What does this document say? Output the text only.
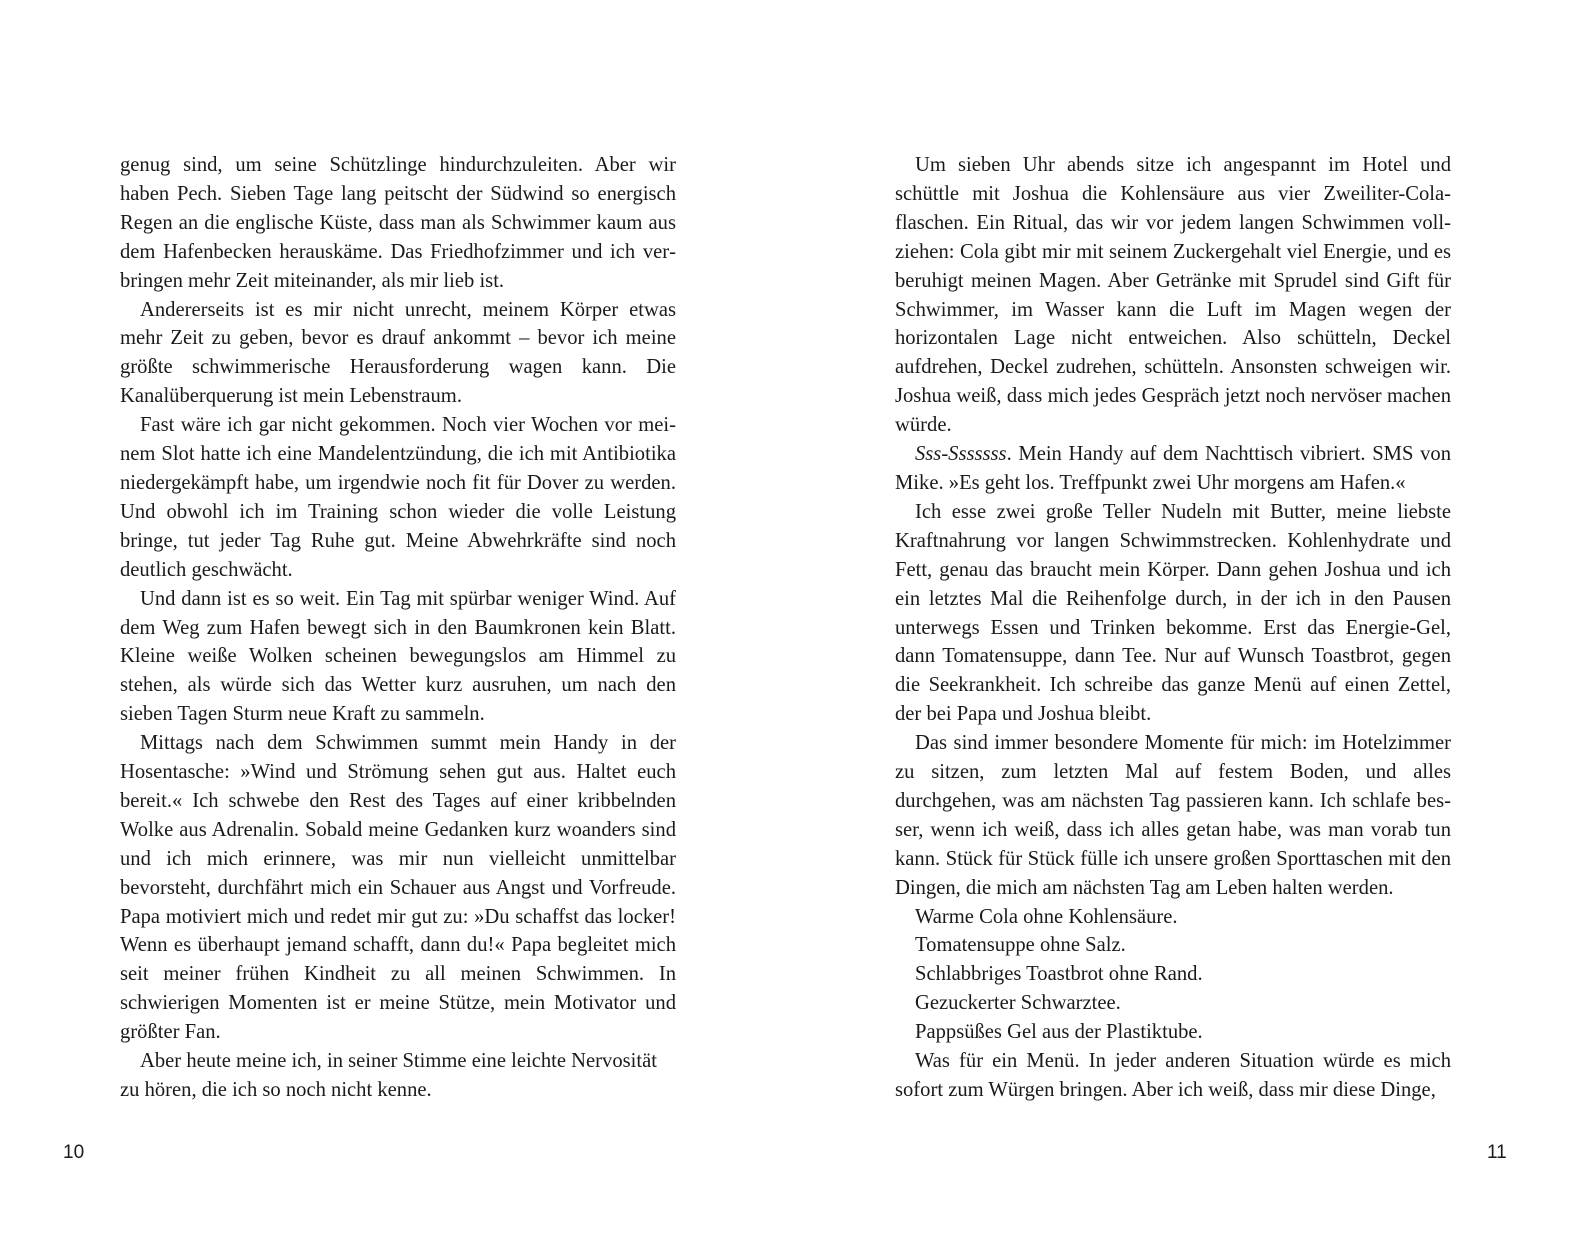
genug sind, um seine Schützlinge hindurchzuleiten. Aber wir haben Pech. Sieben Tage lang peitscht der Südwind so energisch Regen an die englische Küste, dass man als Schwimmer kaum aus dem Hafenbecken herauskäme. Das Friedhofzimmer und ich verbringen mehr Zeit miteinander, als mir lieb ist.

Andererseits ist es mir nicht unrecht, meinem Körper etwas mehr Zeit zu geben, bevor es drauf ankommt – bevor ich meine größte schwimmerische Herausforderung wagen kann. Die Kanalüberquerung ist mein Lebenstraum.

Fast wäre ich gar nicht gekommen. Noch vier Wochen vor meinem Slot hatte ich eine Mandelentzündung, die ich mit Antibiotika niedergekämpft habe, um irgendwie noch fit für Dover zu werden. Und obwohl ich im Training schon wieder die volle Leistung bringe, tut jeder Tag Ruhe gut. Meine Abwehrkräfte sind noch deutlich geschwächt.

Und dann ist es so weit. Ein Tag mit spürbar weniger Wind. Auf dem Weg zum Hafen bewegt sich in den Baumkronen kein Blatt. Kleine weiße Wolken scheinen bewegungslos am Himmel zu stehen, als würde sich das Wetter kurz ausruhen, um nach den sieben Tagen Sturm neue Kraft zu sammeln.

Mittags nach dem Schwimmen summt mein Handy in der Hosentasche: »Wind und Strömung sehen gut aus. Haltet euch bereit.« Ich schwebe den Rest des Tages auf einer kribbelnden Wolke aus Adrenalin. Sobald meine Gedanken kurz woanders sind und ich mich erinnere, was mir nun vielleicht unmittelbar bevorsteht, durchfährt mich ein Schauer aus Angst und Vorfreude. Papa motiviert mich und redet mir gut zu: »Du schaffst das locker! Wenn es überhaupt jemand schafft, dann du!« Papa begleitet mich seit meiner frühen Kindheit zu all meinen Schwimmen. In schwierigen Momenten ist er meine Stütze, mein Motivator und größter Fan.

Aber heute meine ich, in seiner Stimme eine leichte Nervosität zu hören, die ich so noch nicht kenne.

10

Um sieben Uhr abends sitze ich angespannt im Hotel und schüttle mit Joshua die Kohlensäure aus vier Zweiliter-Colaflaschen. Ein Ritual, das wir vor jedem langen Schwimmen vollziehen: Cola gibt mir mit seinem Zuckergehalt viel Energie, und es beruhigt meinen Magen. Aber Getränke mit Sprudel sind Gift für Schwimmer, im Wasser kann die Luft im Magen wegen der horizontalen Lage nicht entweichen. Also schütteln, Deckel aufdrehen, Deckel zudrehen, schütteln. Ansonsten schweigen wir. Joshua weiß, dass mich jedes Gespräch jetzt noch nervöser machen würde.

Sss-Sssssss. Mein Handy auf dem Nachttisch vibriert. SMS von Mike. »Es geht los. Treffpunkt zwei Uhr morgens am Hafen.«

Ich esse zwei große Teller Nudeln mit Butter, meine liebste Kraftnahrung vor langen Schwimmstrecken. Kohlenhydrate und Fett, genau das braucht mein Körper. Dann gehen Joshua und ich ein letztes Mal die Reihenfolge durch, in der ich in den Pausen unterwegs Essen und Trinken bekomme. Erst das Energie-Gel, dann Tomatensuppe, dann Tee. Nur auf Wunsch Toastbrot, gegen die Seekrankheit. Ich schreibe das ganze Menü auf einen Zettel, der bei Papa und Joshua bleibt.

Das sind immer besondere Momente für mich: im Hotelzimmer zu sitzen, zum letzten Mal auf festem Boden, und alles durchgehen, was am nächsten Tag passieren kann. Ich schlafe besser, wenn ich weiß, dass ich alles getan habe, was man vorab tun kann. Stück für Stück fülle ich unsere großen Sporttaschen mit den Dingen, die mich am nächsten Tag am Leben halten werden.

Warme Cola ohne Kohlensäure.

Tomatensuppe ohne Salz.

Schlabbriges Toastbrot ohne Rand.

Gezuckerter Schwarztee.

Pappsüßes Gel aus der Plastiktube.

Was für ein Menü. In jeder anderen Situation würde es mich sofort zum Würgen bringen. Aber ich weiß, dass mir diese Dinge,

11
